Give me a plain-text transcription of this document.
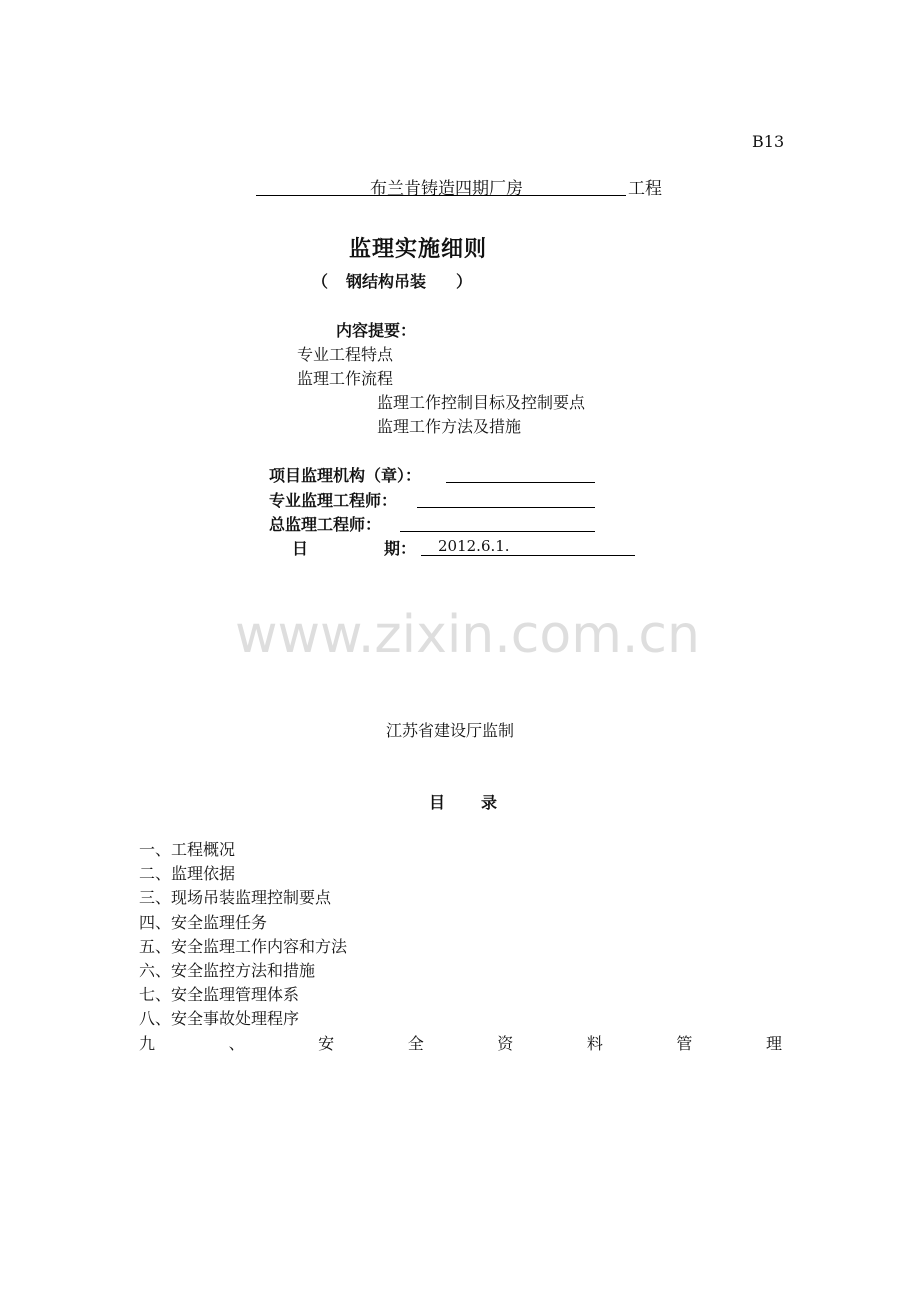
B13
布兰肯铸造四期厂房	工程
监理实施细则
（ 钢结构吊装 ）
内容提要：
专业工程特点
监理工作流程
监理工作控制目标及控制要点
监理工作方法及措施
项目监理机构（章）：
专业监理工程师：
总监理工程师：
日	期： 2012.6.1.
www.zixin.com.cn
江苏省建设厅监制
目 录
一、工程概况
二、监理依据
三、现场吊装监理控制要点
四、安全监理任务
五、安全监理工作内容和方法
六、安全监控方法和措施
七、安全监理管理体系
八、安全事故处理程序
九	、	安	全	资	料	管	理
